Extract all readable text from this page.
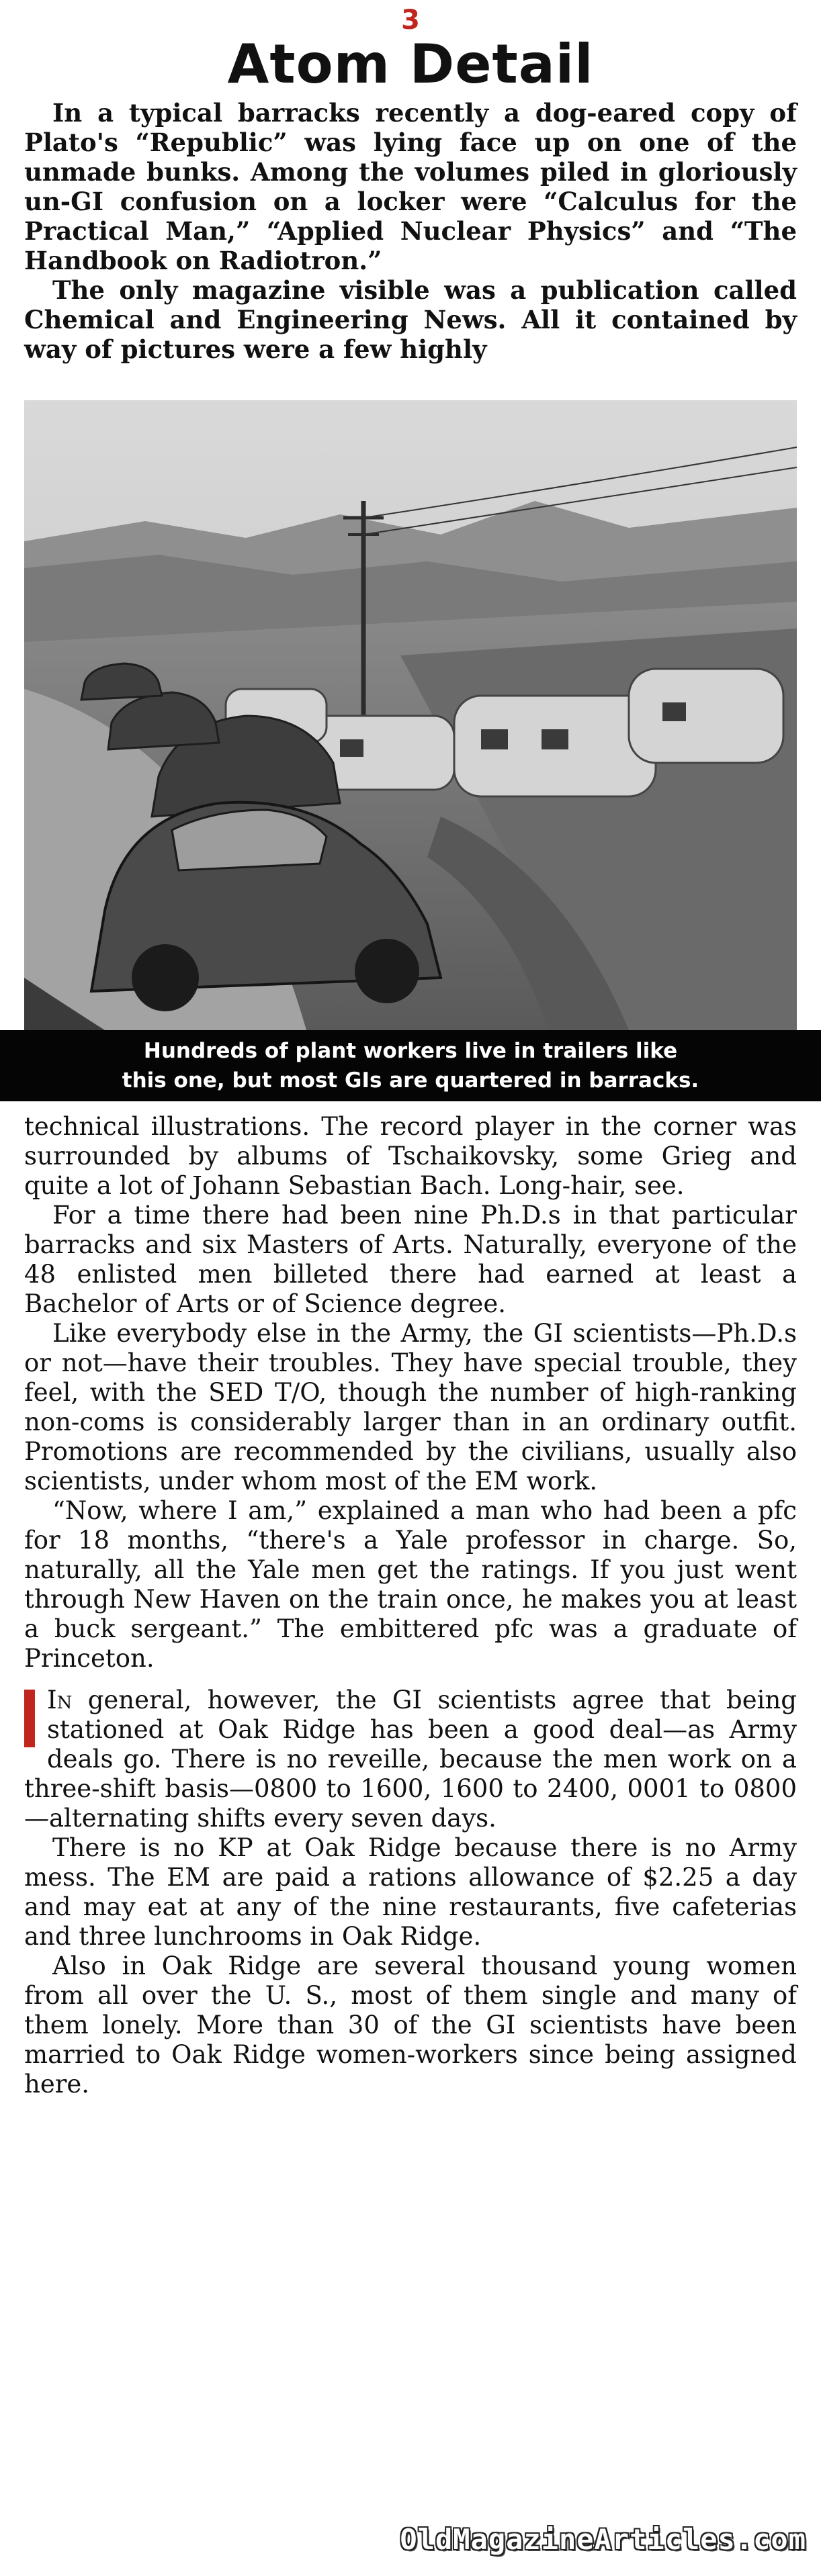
3
Atom Detail

In a typical barracks recently a dog-eared copy of Plato's “Republic” was lying face up on one of the unmade bunks. Among the volumes piled in gloriously un-GI confusion on a locker were “Calculus for the Practical Man,” “Applied Nuclear Physics” and “The Handbook on Radiotron.”

The only magazine visible was a publication called Chemical and Engineering News. All it contained by way of pictures were a few highly

Hundreds of plant workers live in trailers like
this one, but most GIs are quartered in barracks.

technical illustrations. The record player in the corner was surrounded by albums of Tschaikovsky, some Grieg and quite a lot of Johann Sebastian Bach. Long-hair, see.

For a time there had been nine Ph.D.s in that particular barracks and six Masters of Arts. Naturally, everyone of the 48 enlisted men billeted there had earned at least a Bachelor of Arts or of Science degree.

Like everybody else in the Army, the GI scientists—Ph.D.s or not—have their troubles. They have special trouble, they feel, with the SED T/O, though the number of high-ranking non-coms is considerably larger than in an ordinary outfit. Promotions are recommended by the civilians, usually also scientists, under whom most of the EM work.

“Now, where I am,” explained a man who had been a pfc for 18 months, “there's a Yale professor in charge. So, naturally, all the Yale men get the ratings. If you just went through New Haven on the train once, he makes you at least a buck sergeant.” The embittered pfc was a graduate of Princeton.

In general, however, the GI scientists agree that being stationed at Oak Ridge has been a good deal—as Army deals go. There is no reveille, because the men work on a three-shift basis—0800 to 1600, 1600 to 2400, 0001 to 0800—alternating shifts every seven days.

There is no KP at Oak Ridge because there is no Army mess. The EM are paid a rations allowance of $2.25 a day and may eat at any of the nine restaurants, five cafeterias and three lunchrooms in Oak Ridge.

Also in Oak Ridge are several thousand young women from all over the U. S., most of them single and many of them lonely. More than 30 of the GI scientists have been married to Oak Ridge women-workers since being assigned here.

OldMagazineArticles.com
